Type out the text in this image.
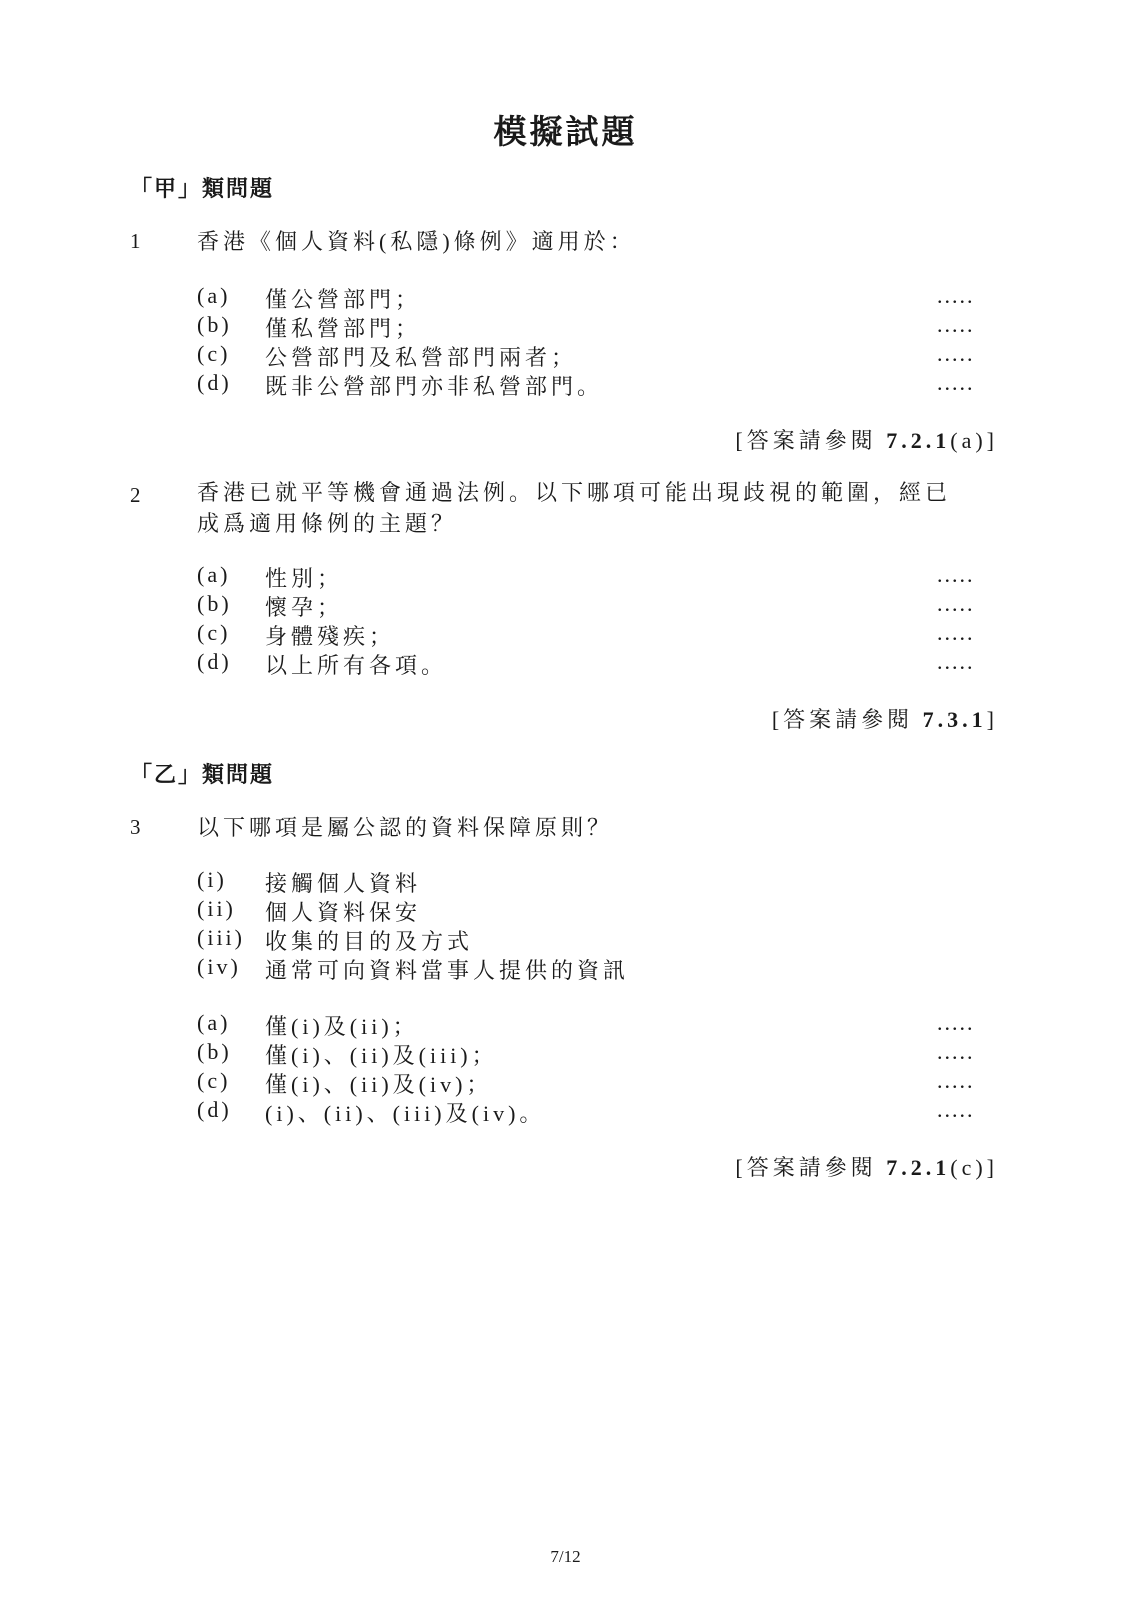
模擬試題
「甲」類問題
1	香港《個人資料(私隱)條例》適用於：
(a) 僅公營部門；	.....
(b) 僅私營部門；	.....
(c) 公營部門及私營部門兩者；	.....
(d) 既非公營部門亦非私營部門。	.....
[答案請參閱 7.2.1(a)]
2	香港已就平等機會通過法例。以下哪項可能出現歧視的範圍，經已
成爲適用條例的主題？
(a) 性別；	.....
(b) 懷孕；	.....
(c) 身體殘疾；	.....
(d) 以上所有各項。	.....
[答案請參閱 7.3.1]
「乙」類問題
3	以下哪項是屬公認的資料保障原則？
(i) 接觸個人資料
(ii) 個人資料保安
(iii) 收集的目的及方式
(iv) 通常可向資料當事人提供的資訊
(a) 僅(i)及(ii)；	.....
(b) 僅(i)、(ii)及(iii)；	.....
(c) 僅(i)、(ii)及(iv)；	.....
(d) (i)、(ii)、(iii)及(iv)。	.....
[答案請參閱 7.2.1(c)]
7/12
